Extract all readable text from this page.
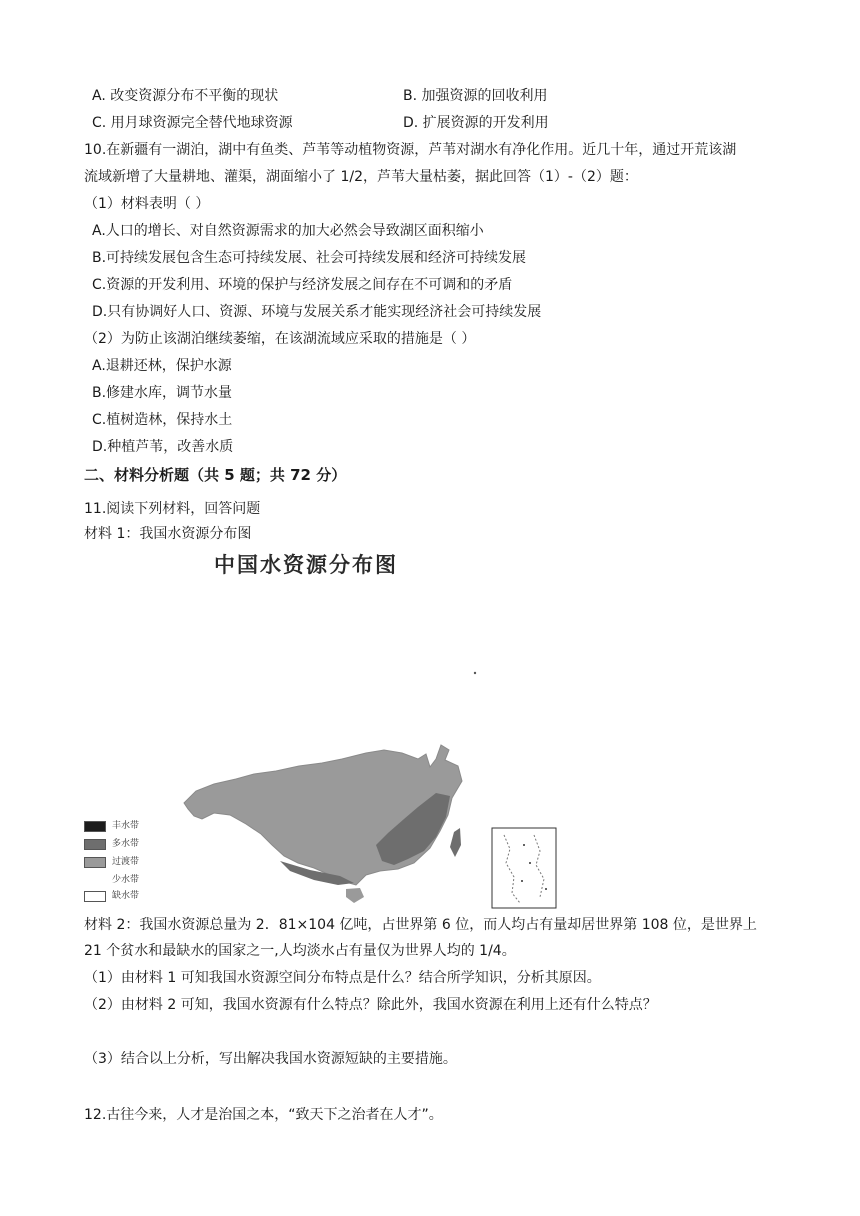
A. 改变资源分布不平衡的现状	B. 加强资源的回收利用
C. 用月球资源完全替代地球资源	D. 扩展资源的开发利用
10.在新疆有一湖泊，湖中有鱼类、芦苇等动植物资源，芦苇对湖水有净化作用。近几十年，通过开荒该湖
流域新增了大量耕地、灌渠，湖面缩小了 1/2，芦苇大量枯萎，据此回答（1）-（2）题：
（1）材料表明（ ）
A.人口的增长、对自然资源需求的加大必然会导致湖区面积缩小
B.可持续发展包含生态可持续发展、社会可持续发展和经济可持续发展
C.资源的开发利用、环境的保护与经济发展之间存在不可调和的矛盾
D.只有协调好人口、资源、环境与发展关系才能实现经济社会可持续发展
（2）为防止该湖泊继续萎缩，在该湖流域应采取的措施是（ ）
A.退耕还林，保护水源
B.修建水库，调节水量
C.植树造林，保持水土
D.种植芦苇，改善水质
二、材料分析题（共 5 题；共 72 分）
11.阅读下列材料，回答问题
材料 1：我国水资源分布图
中国水资源分布图
丰水带
多水带
过渡带
少水带
缺水带
材料 2：我国水资源总量为 2．81×104 亿吨，占世界第 6 位，而人均占有量却居世界第 108 位，是世界上
21 个贫水和最缺水的国家之一,人均淡水占有量仅为世界人均的 1/4。
（1）由材料 1 可知我国水资源空间分布特点是什么？结合所学知识，分析其原因。
（2）由材料 2 可知，我国水资源有什么特点？除此外，我国水资源在利用上还有什么特点？
（3）结合以上分析，写出解决我国水资源短缺的主要措施。
12.古往今来，人才是治国之本，“致天下之治者在人才”。
